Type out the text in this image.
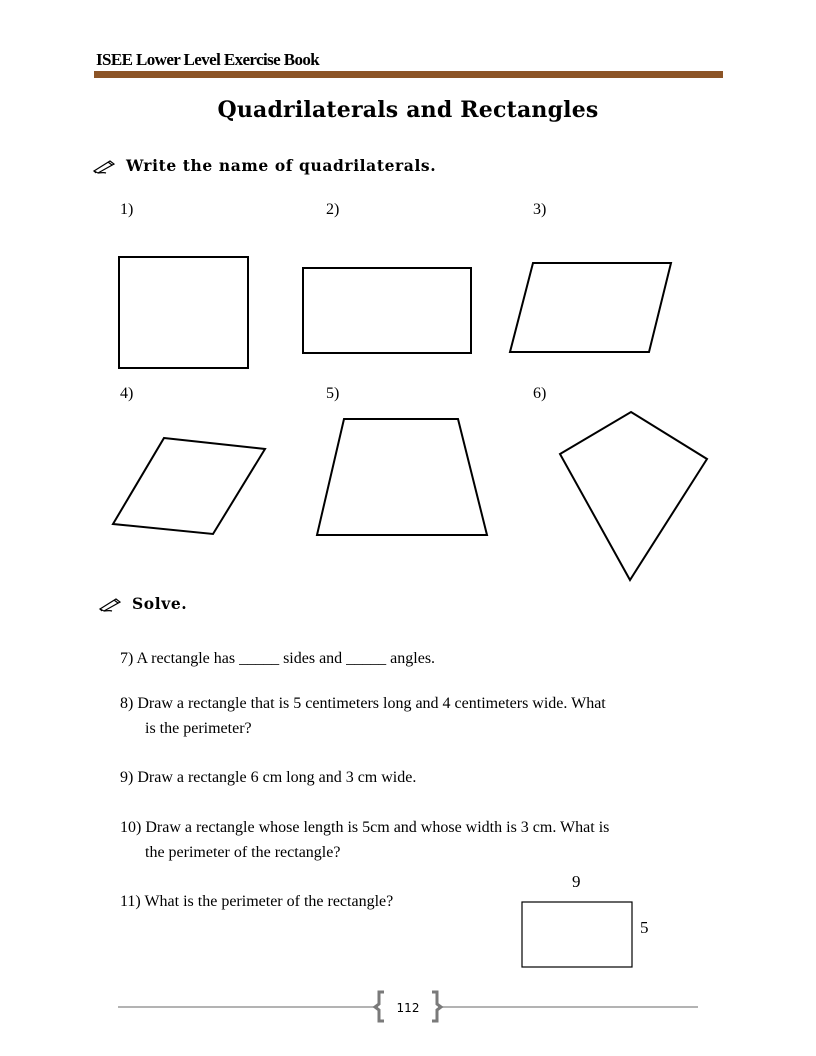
ISEE Lower Level Exercise Book
Quadrilaterals and Rectangles
Write the name of quadrilaterals.
1)	2)	3)
4)	5)	6)
Solve.
7) A rectangle has _____ sides and _____ angles.
8) Draw a rectangle that is 5 centimeters long and 4 centimeters wide. What
is the perimeter?
9) Draw a rectangle 6 cm long and 3 cm wide.
10) Draw a rectangle whose length is 5cm and whose width is 3 cm. What is
the perimeter of the rectangle?
11) What is the perimeter of the rectangle?
9
5
112
